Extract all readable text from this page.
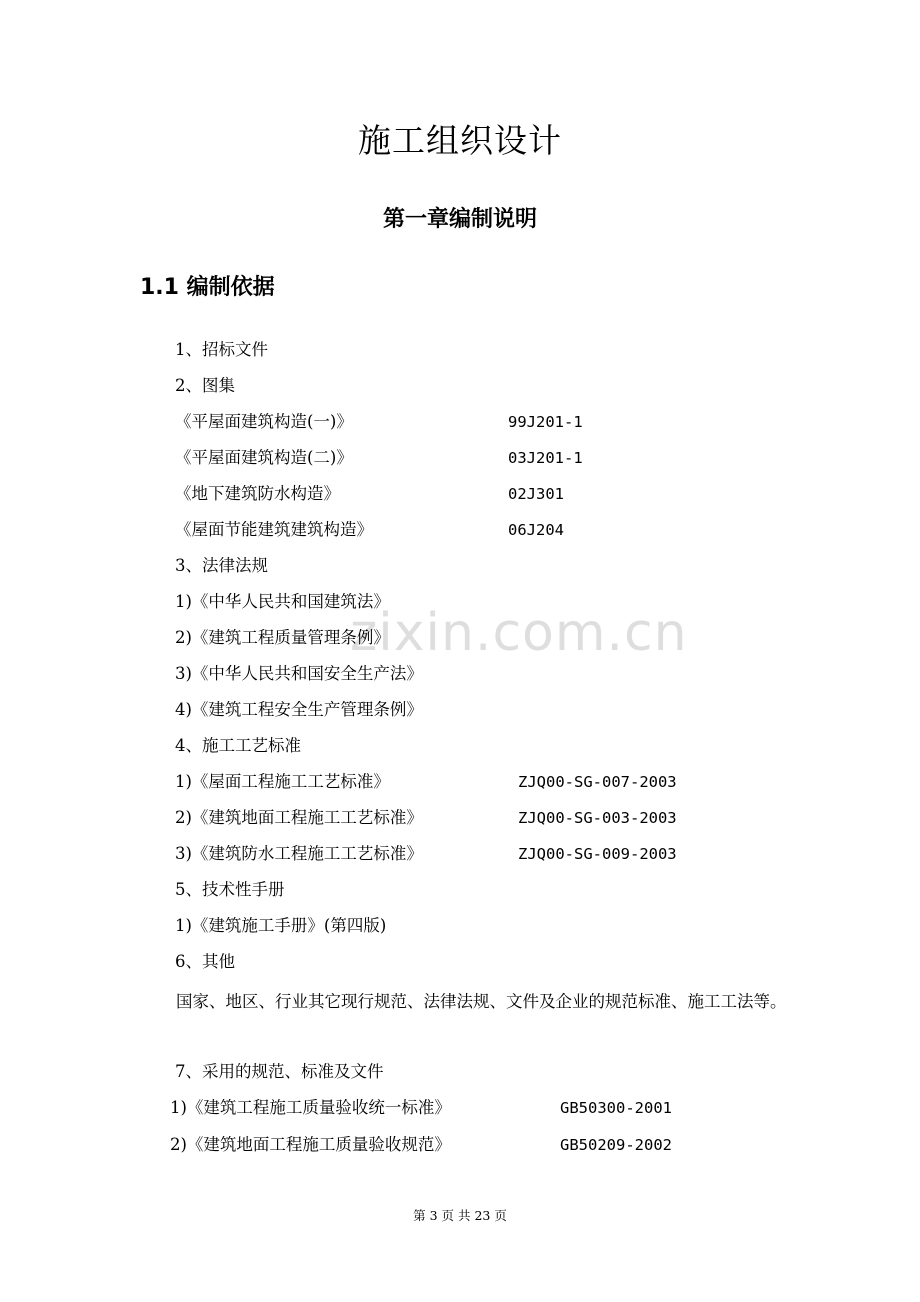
施工组织设计
第一章编制说明
1.1 编制依据
zixin.com.cn
1、招标文件
2、图集
《平屋面建筑构造(一)》	99J201-1
《平屋面建筑构造(二)》	03J201-1
《地下建筑防水构造》	02J301
《屋面节能建筑建筑构造》	06J204
3、法律法规
1)《中华人民共和国建筑法》
2)《建筑工程质量管理条例》
3)《中华人民共和国安全生产法》
4)《建筑工程安全生产管理条例》
4、施工工艺标准
1)《屋面工程施工工艺标准》	ZJQ00-SG-007-2003
2)《建筑地面工程施工工艺标准》	ZJQ00-SG-003-2003
3)《建筑防水工程施工工艺标准》	ZJQ00-SG-009-2003
5、技术性手册
1)《建筑施工手册》(第四版)
6、其他
国家、地区、行业其它现行规范、法律法规、文件及企业的规范标准、施工工法等。
7、采用的规范、标准及文件
1)《建筑工程施工质量验收统一标准》	GB50300-2001
2)《建筑地面工程施工质量验收规范》	GB50209-2002
第 3 页 共 23 页
